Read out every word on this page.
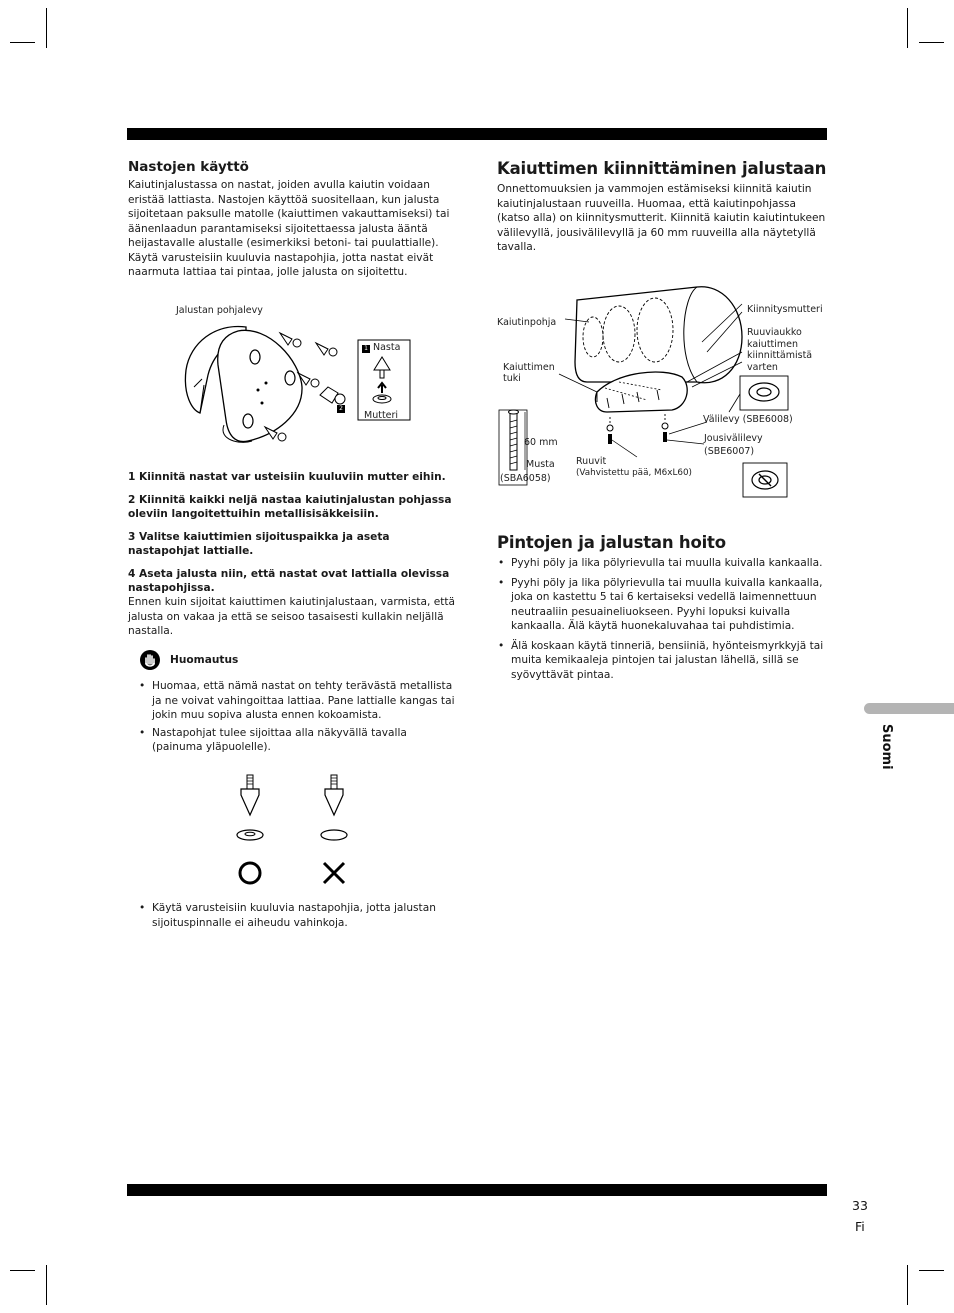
Nastojen käyttö

Kaiutinjalustassa on nastat, joiden avulla kaiutin voidaan eristää lattiasta. Nastojen käyttöä suositellaan, kun jalusta sijoitetaan paksulle matolle (kaiuttimen vakauttamiseksi) tai äänenlaadun parantamiseksi sijoitettaessa jalusta ääntä heijastavalle alustalle (esimerkiksi betoni- tai puulattialle). Käytä varusteisiin kuuluvia nastapohjia, jotta nastat eivät naarmuta lattiaa tai pintaa, jolle jalusta on sijoitettu.

Jalustan pohjalevy
Nasta
Mutteri
1
2

1 Kiinnitä nastat var usteisiin kuuluviin mutter eihin.

2 Kiinnitä kaikki neljä nastaa kaiutinjalustan pohjassa oleviin langoitettuihin metallisisäkkeisiin.

3 Valitse kaiuttimien sijoituspaikka ja aseta nastapohjat lattialle.

4 Aseta jalusta niin, että nastat ovat lattialla olevissa nastapohjissa.

Ennen kuin sijoitat kaiuttimen kaiutinjalustaan, varmista, että jalusta on vakaa ja että se seisoo tasaisesti kullakin neljällä nastalla.

Huomautus
• Huomaa, että nämä nastat on tehty terävästä metallista ja ne voivat vahingoittaa lattiaa. Pane lattialle kangas tai jokin muu sopiva alusta ennen kokoamista.
• Nastapohjat tulee sijoittaa alla näkyvällä tavalla (painuma yläpuolelle).
• Käytä varusteisiin kuuluvia nastapohjia, jotta jalustan sijoituspinnalle ei aiheudu vahinkoja.
Kaiuttimen kiinnittäminen jalustaan

Onnettomuuksien ja vammojen estämiseksi kiinnitä kaiutin kaiutinjalustaan ruuveilla. Huomaa, että kaiutinpohjassa (katso alla) on kiinnitysmutterit. Kiinnitä kaiutin kaiutintukeen välilevyllä, jousivälilevyllä ja 60 mm ruuveilla alla näytetyllä tavalla.

Kaiutinpohja
Kaiuttimen
tuki
Kiinnitysmutteri
Ruuviaukko
kaiuttimen
kiinnittämistä
varten
Välilevy (SBE6008)
Jousivälilevy
(SBE6007)
60 mm
Musta
(SBA6058)
Ruuvit
(Vahvistettu pää, M6xL60)
Pintojen ja jalustan hoito
• Pyyhi pöly ja lika pölyrievulla tai muulla kuivalla kankaalla.
• Pyyhi pöly ja lika pölyrievulla tai muulla kuivalla kankaalla, joka on kastettu 5 tai 6 kertaiseksi vedellä laimennettuun neutraaliin pesuaineliuokseen. Pyyhi lopuksi kuivalla kankaalla. Älä käytä huonekaluvahaa tai puhdistimia.
• Älä koskaan käytä tinneriä, bensiiniä, hyönteismyrkkyjä tai muita kemikaaleja pintojen tai jalustan lähellä, sillä se syövyttävät pintaa.
Suomi
33
Fi
